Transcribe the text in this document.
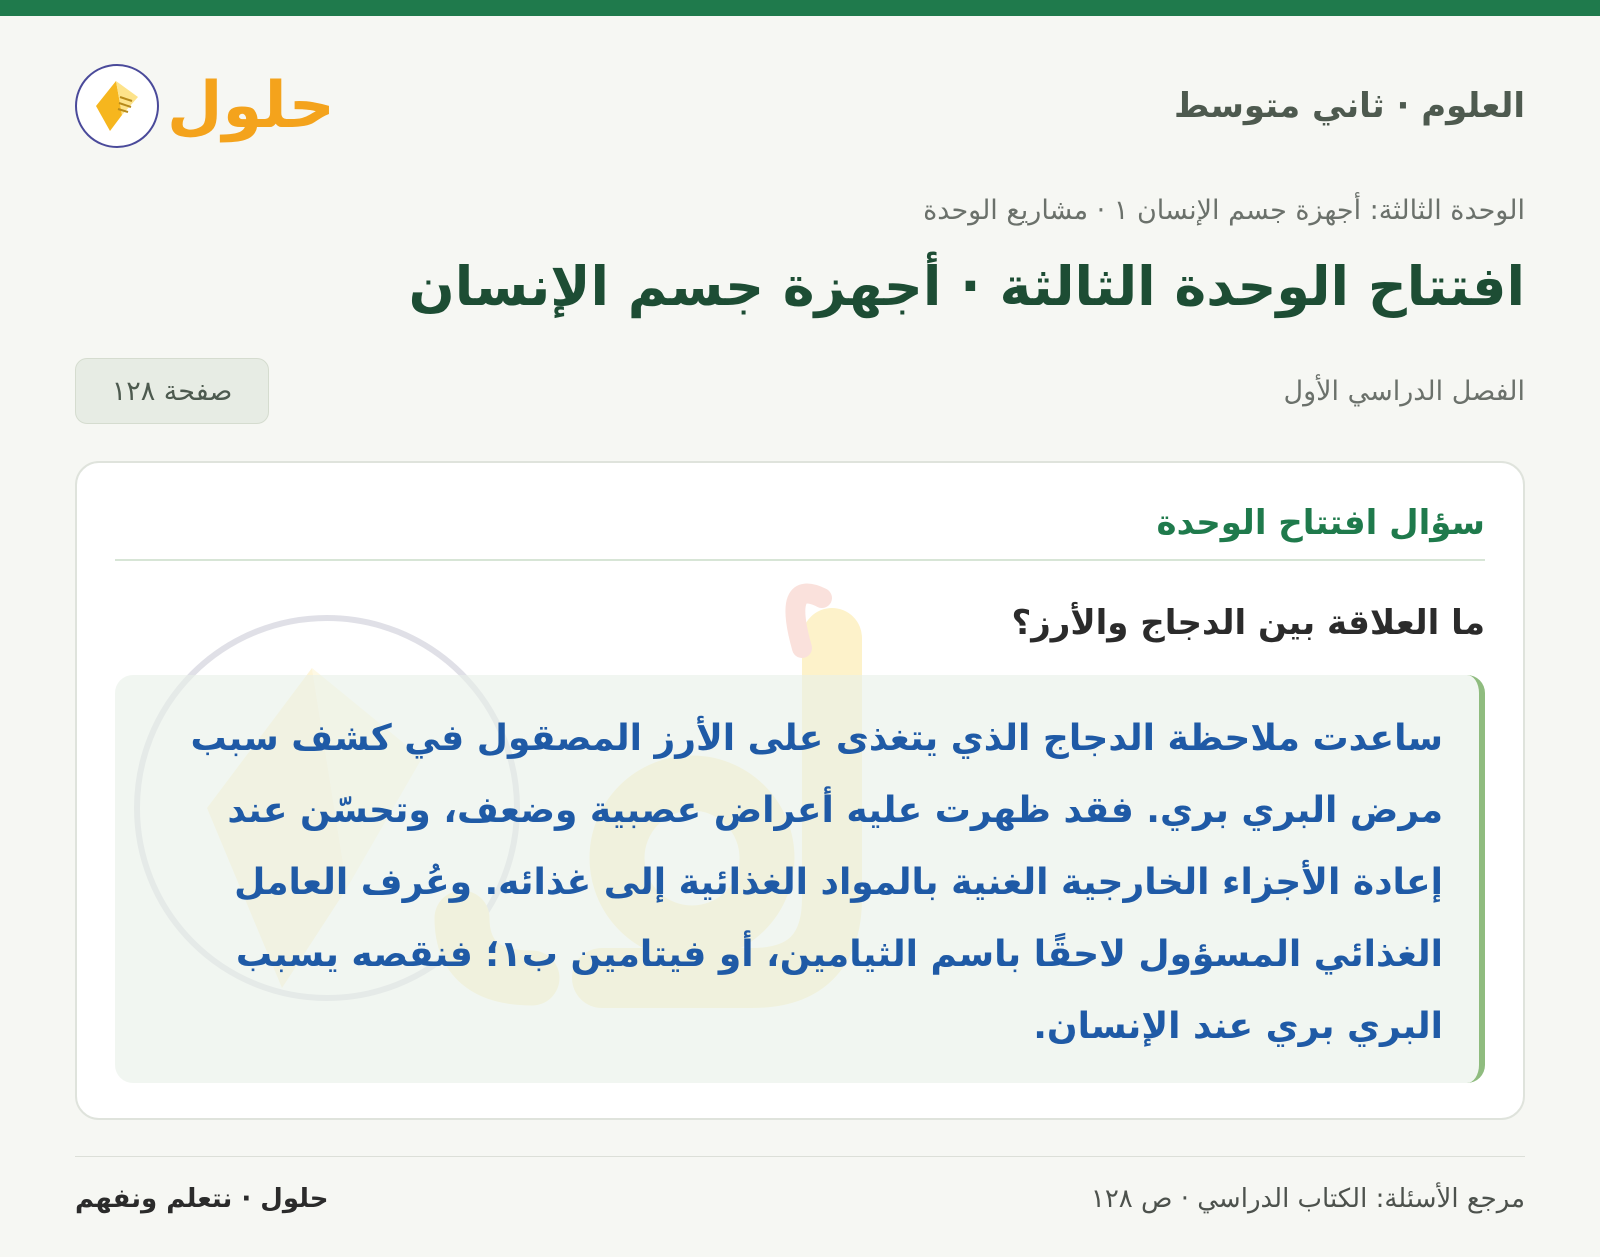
العلوم · ثاني متوسط
حلول
الوحدة الثالثة: أجهزة جسم الإنسان ١ · مشاريع الوحدة
افتتاح الوحدة الثالثة · أجهزة جسم الإنسان
الفصل الدراسي الأول
صفحة ١٢٨
سؤال افتتاح الوحدة
ما العلاقة بين الدجاج والأرز؟
ساعدت ملاحظة الدجاج الذي يتغذى على الأرز المصقول في كشف سبب مرض البري بري. فقد ظهرت عليه أعراض عصبية وضعف، وتحسّن عند إعادة الأجزاء الخارجية الغنية بالمواد الغذائية إلى غذائه. وعُرف العامل الغذائي المسؤول لاحقًا باسم الثيامين، أو فيتامين ب١؛ فنقصه يسبب البري بري عند الإنسان.
مرجع الأسئلة: الكتاب الدراسي · ص ١٢٨
حلول · نتعلم ونفهم
